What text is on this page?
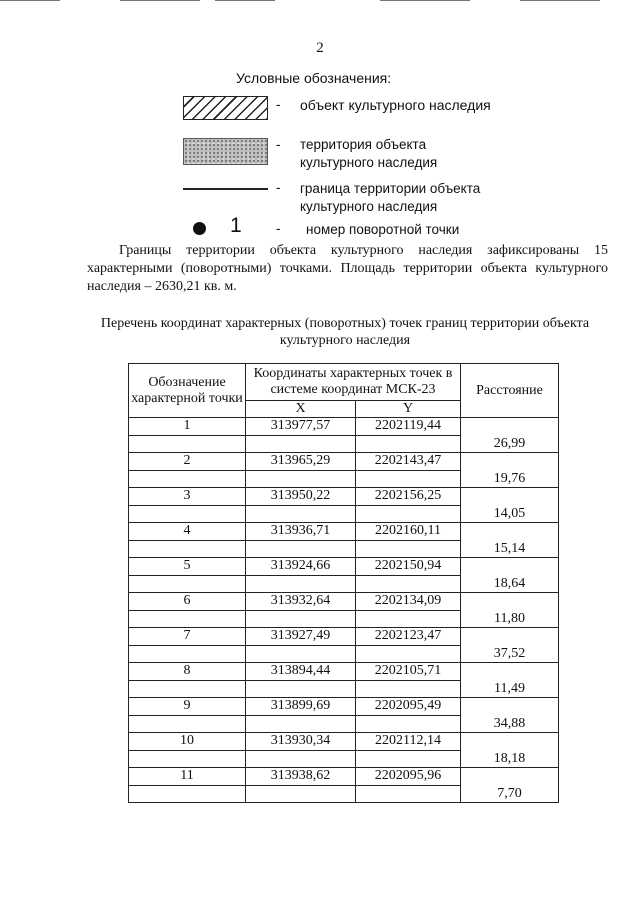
2
Условные обозначения:
- объект культурного наследия
- территория объекта культурного наследия
- граница территории объекта культурного наследия
1	- номер поворотной точки
Границы территории объекта культурного наследия зафиксированы 15 характерными (поворотными) точками. Площадь территории объекта культурного наследия – 2630,21 кв. м.
Перечень координат характерных (поворотных) точек границ территории объекта культурного наследия
Обозначение характерной точки	Координаты характерных точек в системе координат МСК-23		Расстояние
	X	Y	
1	313977,57	2202119,44	26,99

2	313965,29	2202143,47	19,76

3	313950,22	2202156,25	14,05

4	313936,71	2202160,11	15,14

5	313924,66	2202150,94	18,64

6	313932,64	2202134,09	11,80

7	313927,49	2202123,47	37,52

8	313894,44	2202105,71	11,49

9	313899,69	2202095,49	34,88

10	313930,34	2202112,14	18,18

11	313938,62	2202095,96	7,70
